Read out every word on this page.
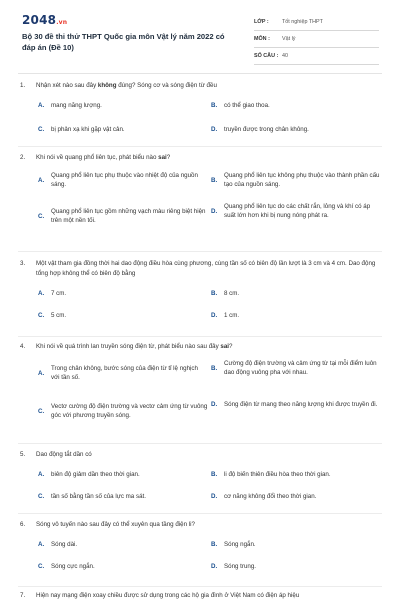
2048.vn
Bộ 30 đề thi thử THPT Quốc gia môn Vật lý năm 2022 có đáp án (Đề 10)
LỚP :	Tốt nghiệp THPT
MÔN :	Vật lý
SỐ CÂU : 40
1. Nhận xét nào sau đây không đúng? Sóng cơ và sóng điện từ đều
A.	mang năng lượng.	B.	có thể giao thoa.
C.	bị phản xạ khi gặp vật cản.	D.	truyền được trong chân không.
2. Khi nói về quang phổ liên tục, phát biểu nào sai?
A.
Quang phổ liên tục phụ thuộc vào nhiệt độ của nguồn sáng.
B.
Quang phổ liên tục không phụ thuộc vào thành phần cấu tạo của nguồn sáng.
C.
Quang phổ liên tục gồm những vạch màu riêng biệt hiện trên một nền tối.
D.
Quang phổ liên tục do các chất rắn, lỏng và khí có áp suất lớn hơn khi bị nung nóng phát ra.
3. Một vật tham gia đồng thời hai dao động điều hòa cùng phương, cùng tần số có biên độ lần lượt là 3 cm và 4 cm. Dao động tổng hợp không thể có biên độ bằng
A.	7 cm.	B.	8 cm.
C.	5 cm.	D.	1 cm.
4. Khi nói về quá trình lan truyền sóng điện từ, phát biểu nào sau đây sai?
A.
Trong chân không, bước sóng của điện từ tỉ lệ nghịch với tần số.
B.
Cường độ điện trường và cảm ứng từ tại mỗi điểm luôn dao động vuông pha với nhau.
C.
Vectơ cường độ điện trường và vectơ cảm ứng từ vuông góc với phương truyền sóng.
D.	Sóng điện từ mang theo năng lượng khi được truyền đi.
5. Dao động tắt dần có
A.	biên độ giảm dần theo thời gian.	B.	li độ biến thiên điều hòa theo thời gian.
C.	tần số bằng tần số của lực ma sát.	D.	cơ năng không đổi theo thời gian.
6. Sóng vô tuyến nào sau đây có thể xuyên qua tầng điện li?
A.	Sóng dài.	B.	Sóng ngắn.
C.	Sóng cực ngắn.	D.	Sóng trung.
7. Hiện nay mạng điện xoay chiều được sử dụng trong các hộ gia đình ở Việt Nam có điện áp hiệu
